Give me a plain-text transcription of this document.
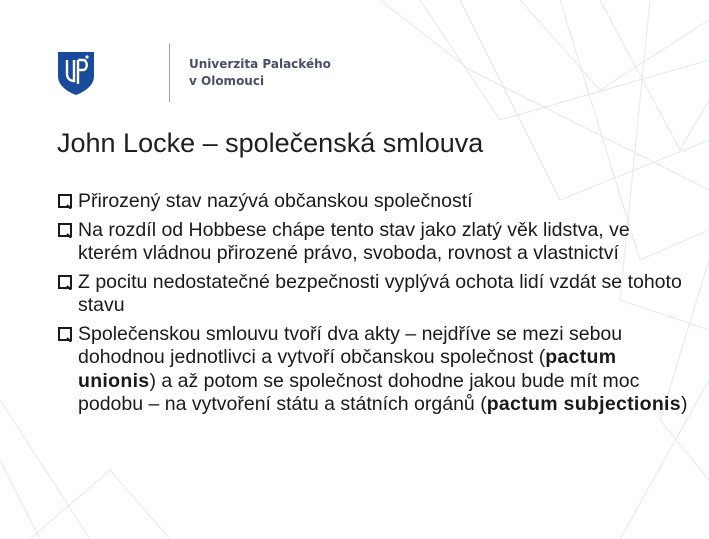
Univerzita Palackého
v Olomouci
John Locke – společenská smlouva
Přirozený stav nazývá občanskou společností
Na rozdíl od Hobbese chápe tento stav jako zlatý věk lidstva, ve kterém vládnou přirozené právo, svoboda, rovnost a vlastnictví
Z pocitu nedostatečné bezpečnosti vyplývá ochota lidí vzdát se tohoto stavu
Společenskou smlouvu tvoří dva akty – nejdříve se mezi sebou dohodnou jednotlivci a vytvoří občanskou společnost (pactum unionis) a až potom se společnost dohodne jakou bude mít moc podobu – na vytvoření státu a státních orgánů (pactum subjectionis)
